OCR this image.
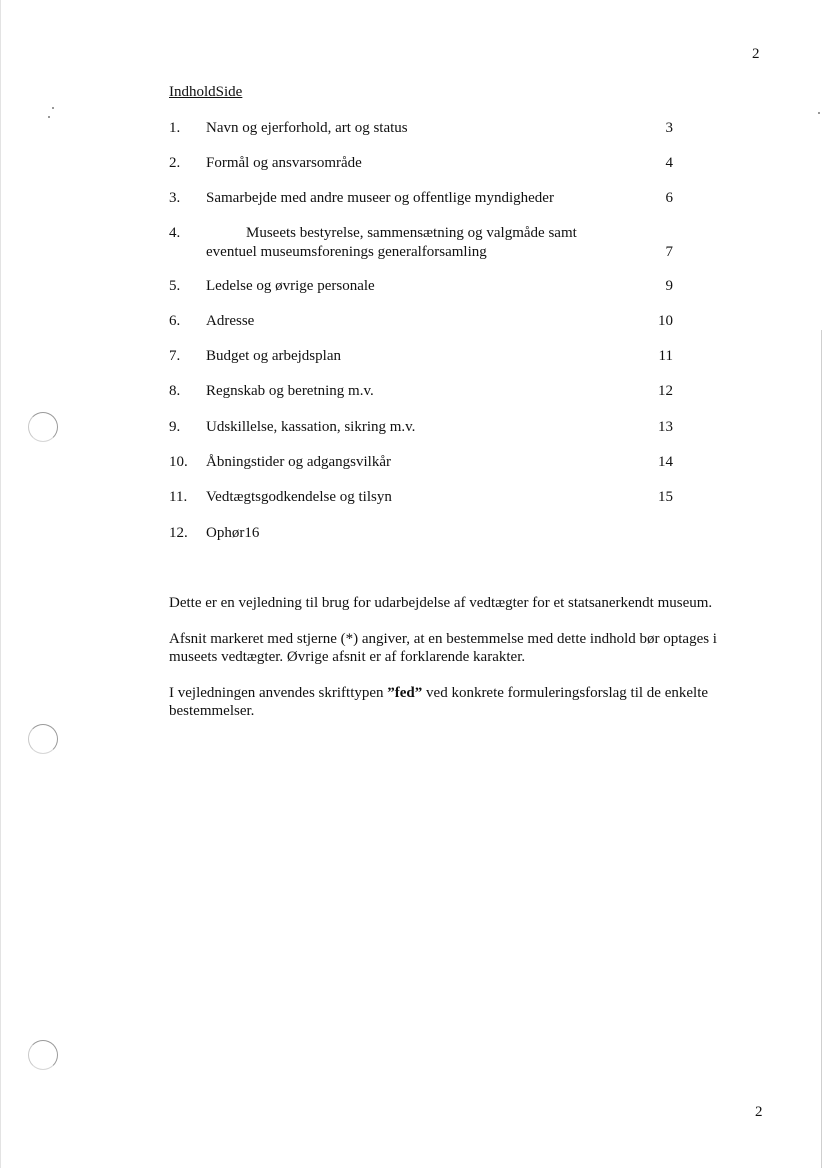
2
IndholdSide
1. Navn og ejerforhold, art og status	3
2. Formål og ansvarsområde	4
3. Samarbejde med andre museer og offentlige myndigheder	6
4.	Museets bestyrelse, sammensætning og valgmåde samt
eventuel museumsforenings generalforsamling	7
5. Ledelse og øvrige personale	9
6. Adresse	10
7. Budget og arbejdsplan	11
8. Regnskab og beretning m.v.	12
9. Udskillelse, kassation, sikring m.v.	13
10. Åbningstider og adgangsvilkår	14
11. Vedtægtsgodkendelse og tilsyn	15
12. Ophør16
Dette er en vejledning til brug for udarbejdelse af vedtægter for et statsanerkendt museum.
Afsnit markeret med stjerne (*) angiver, at en bestemmelse med dette indhold bør optages i museets vedtægter. Øvrige afsnit er af forklarende karakter.
I vejledningen anvendes skrifttypen ”fed” ved konkrete formuleringsforslag til de enkelte bestemmelser.
2
